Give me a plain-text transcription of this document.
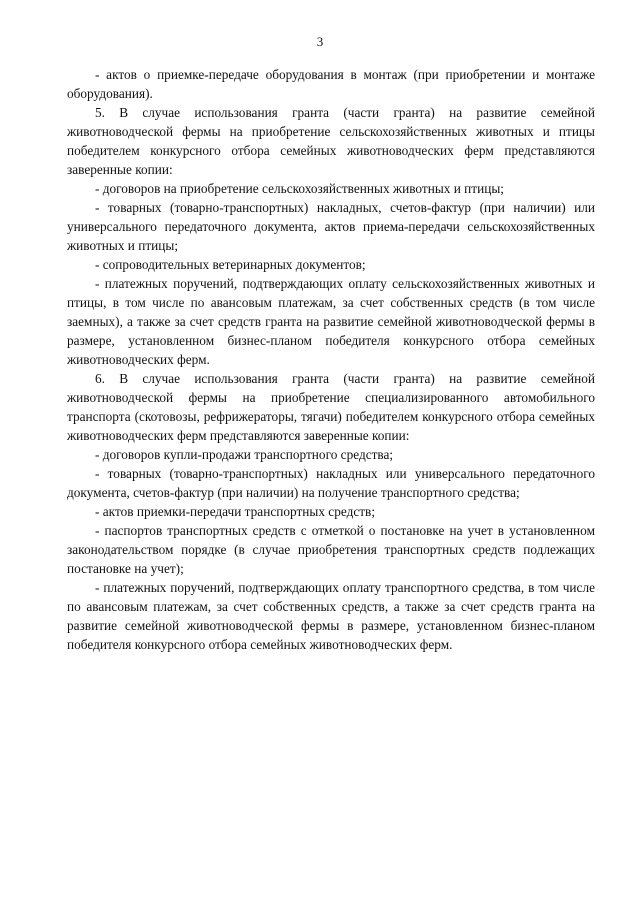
3

- актов о приемке-передаче оборудования в монтаж (при приобретении и монтаже оборудования).

5. В случае использования гранта (части гранта) на развитие семейной животноводческой фермы на приобретение сельскохозяйственных животных и птицы победителем конкурсного отбора семейных животноводческих ферм представляются заверенные копии:

- договоров на приобретение сельскохозяйственных животных и птицы;

- товарных (товарно-транспортных) накладных, счетов-фактур (при наличии) или универсального передаточного документа, актов приема-передачи сельскохозяйственных животных и птицы;

- сопроводительных ветеринарных документов;

- платежных поручений, подтверждающих оплату сельскохозяйственных животных и птицы, в том числе по авансовым платежам, за счет собственных средств (в том числе заемных), а также за счет средств гранта на развитие семейной животноводческой фермы в размере, установленном бизнес-планом победителя конкурсного отбора семейных животноводческих ферм.

6. В случае использования гранта (части гранта) на развитие семейной животноводческой фермы на приобретение специализированного автомобильного транспорта (скотовозы, рефрижераторы, тягачи) победителем конкурсного отбора семейных животноводческих ферм представляются заверенные копии:

- договоров купли-продажи транспортного средства;

- товарных (товарно-транспортных) накладных или универсального передаточного документа, счетов-фактур (при наличии) на получение транспортного средства;

- актов приемки-передачи транспортных средств;

- паспортов транспортных средств с отметкой о постановке на учет в установленном законодательством порядке (в случае приобретения транспортных средств подлежащих постановке на учет);

- платежных поручений, подтверждающих оплату транспортного средства, в том числе по авансовым платежам, за счет собственных средств, а также за счет средств гранта на развитие семейной животноводческой фермы в размере, установленном бизнес-планом победителя конкурсного отбора семейных животноводческих ферм.
